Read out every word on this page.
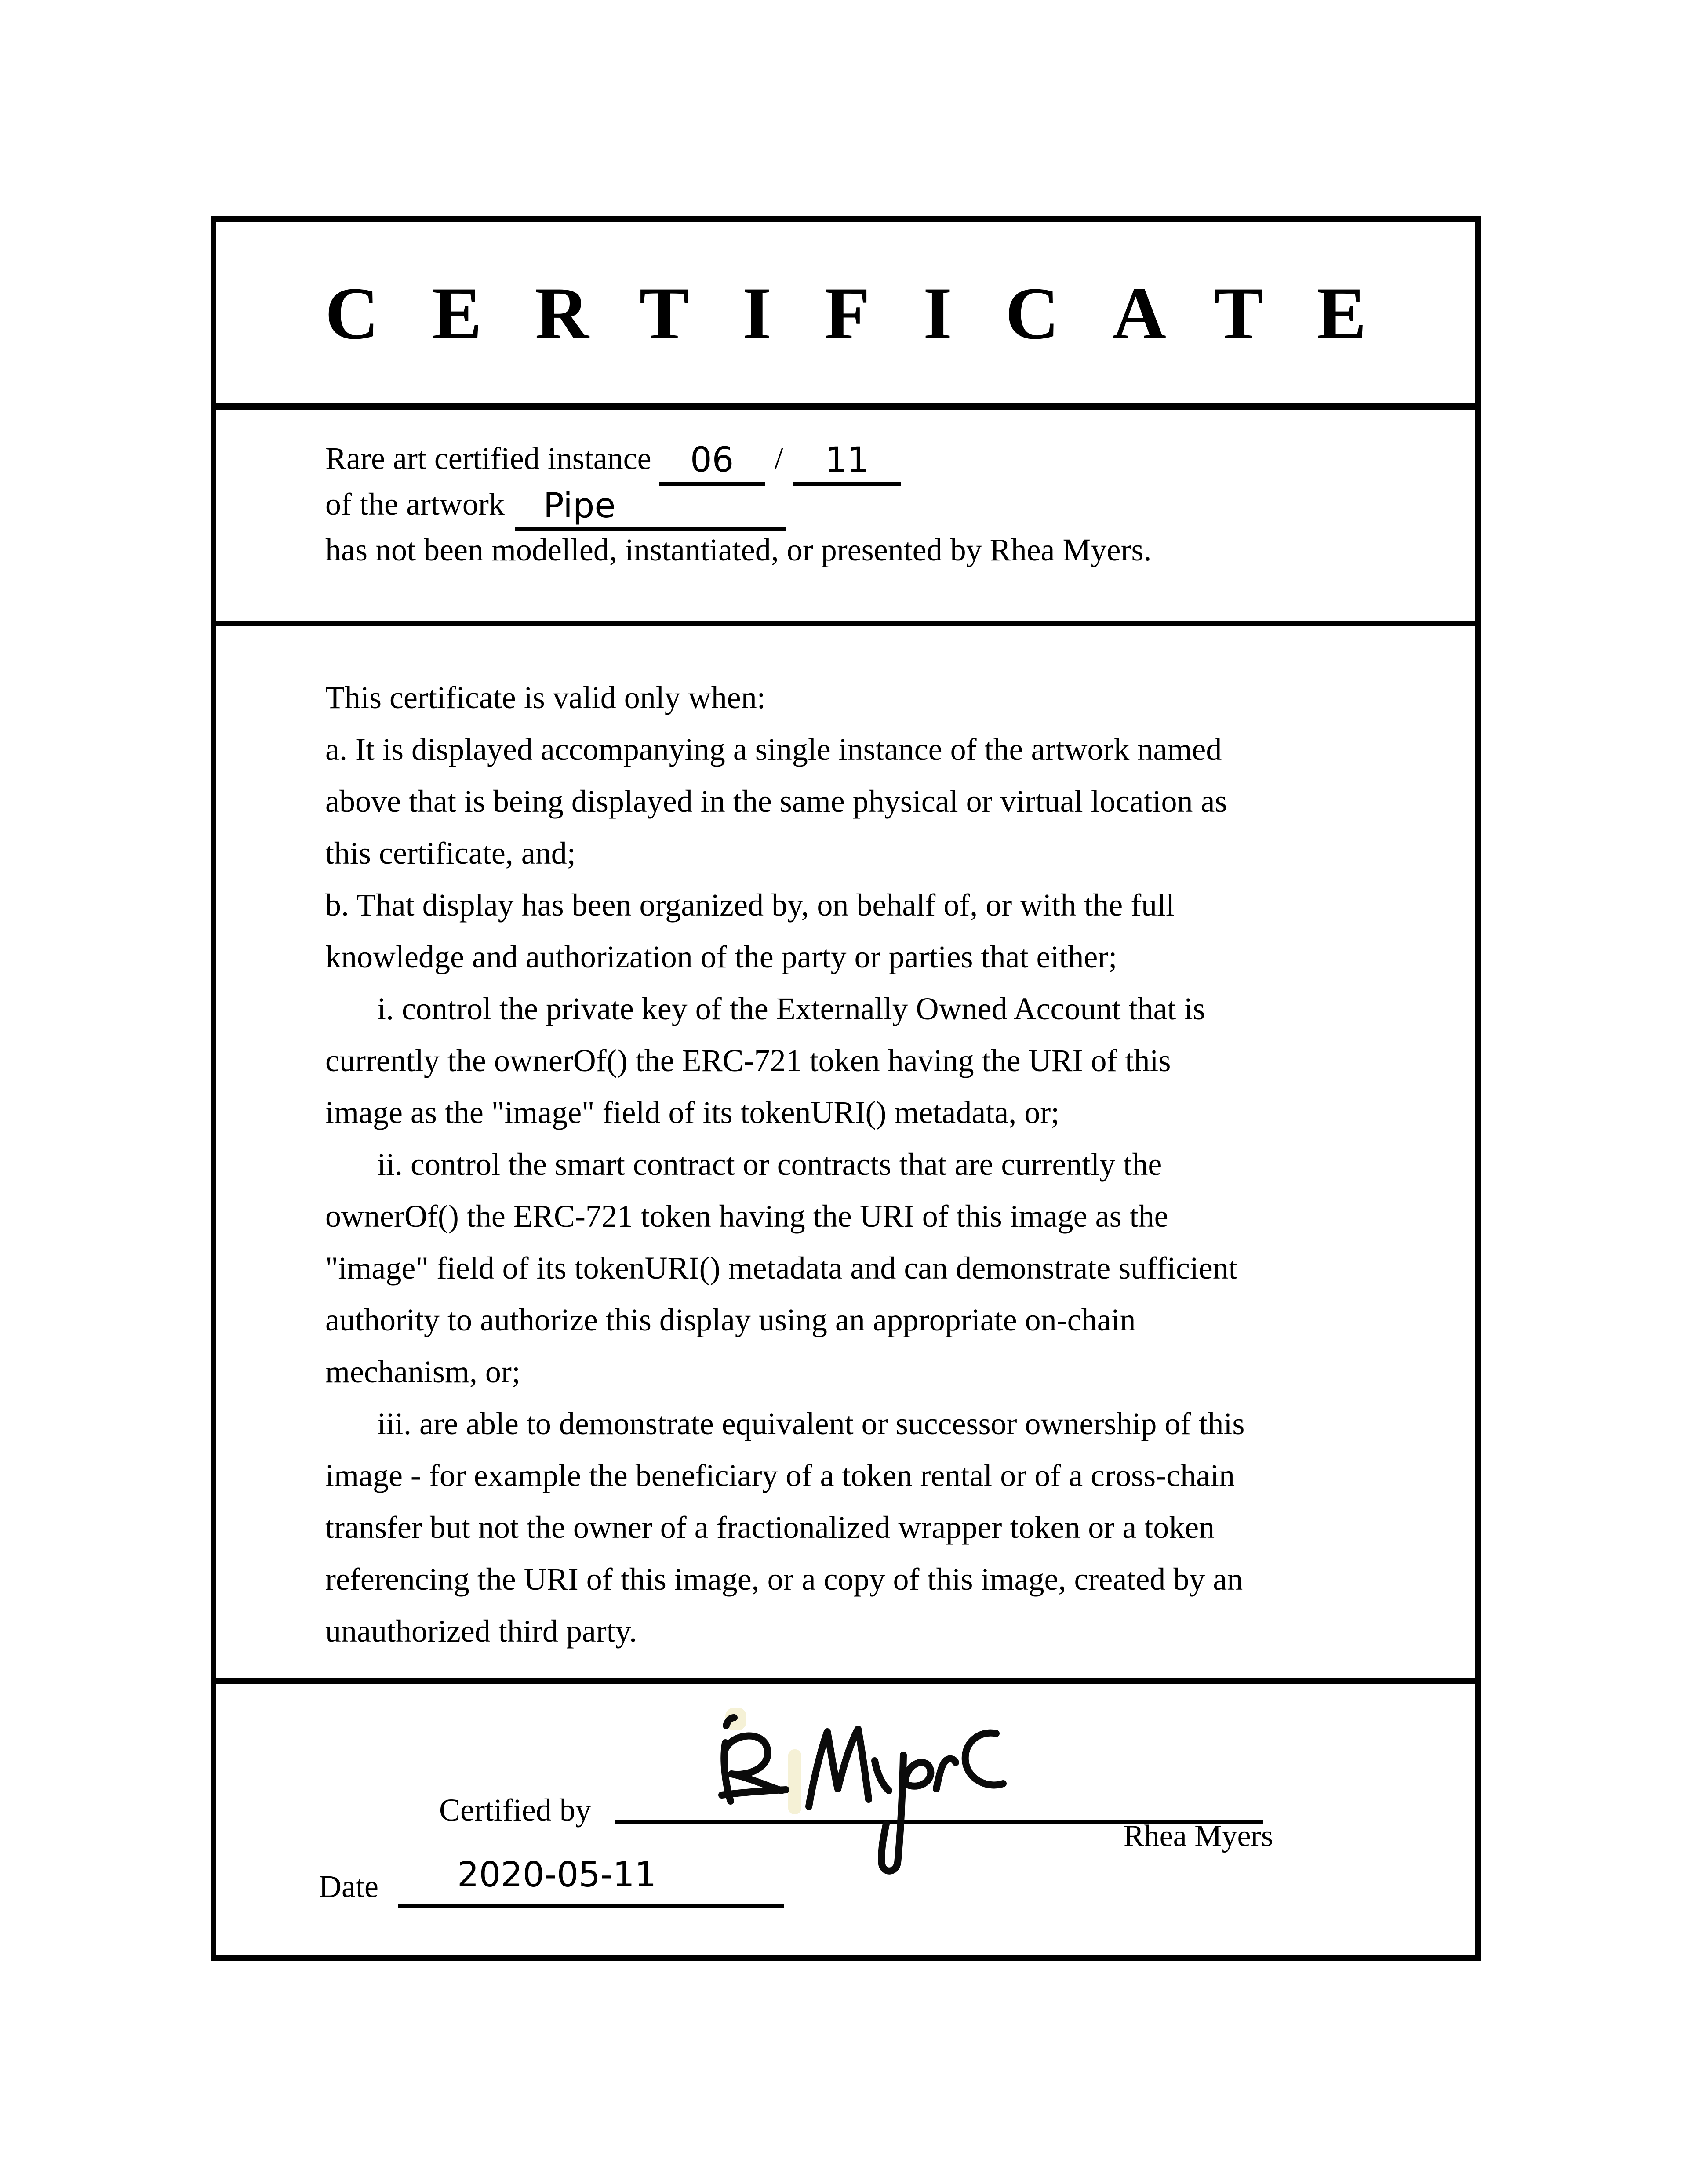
CERTIFICATE
Rare art certified instance 06 / 11
of the artwork Pipe
has not been modelled, instantiated, or presented by Rhea Myers.
This certificate is valid only when:
a. It is displayed accompanying a single instance of the artwork named
above that is being displayed in the same physical or virtual location as
this certificate, and;
b. That display has been organized by, on behalf of, or with the full
knowledge and authorization of the party or parties that either;
i. control the private key of the Externally Owned Account that is
currently the ownerOf() the ERC-721 token having the URI of this
image as the "image" field of its tokenURI() metadata, or;
ii. control the smart contract or contracts that are currently the
ownerOf() the ERC-721 token having the URI of this image as the
"image" field of its tokenURI() metadata and can demonstrate sufficient
authority to authorize this display using an appropriate on-chain
mechanism, or;
iii. are able to demonstrate equivalent or successor ownership of this
image - for example the beneficiary of a token rental or of a cross-chain
transfer but not the owner of a fractionalized wrapper token or a token
referencing the URI of this image, or a copy of this image, created by an
unauthorized third party.
Certified by
Rhea Myers
Date 2020-05-11
